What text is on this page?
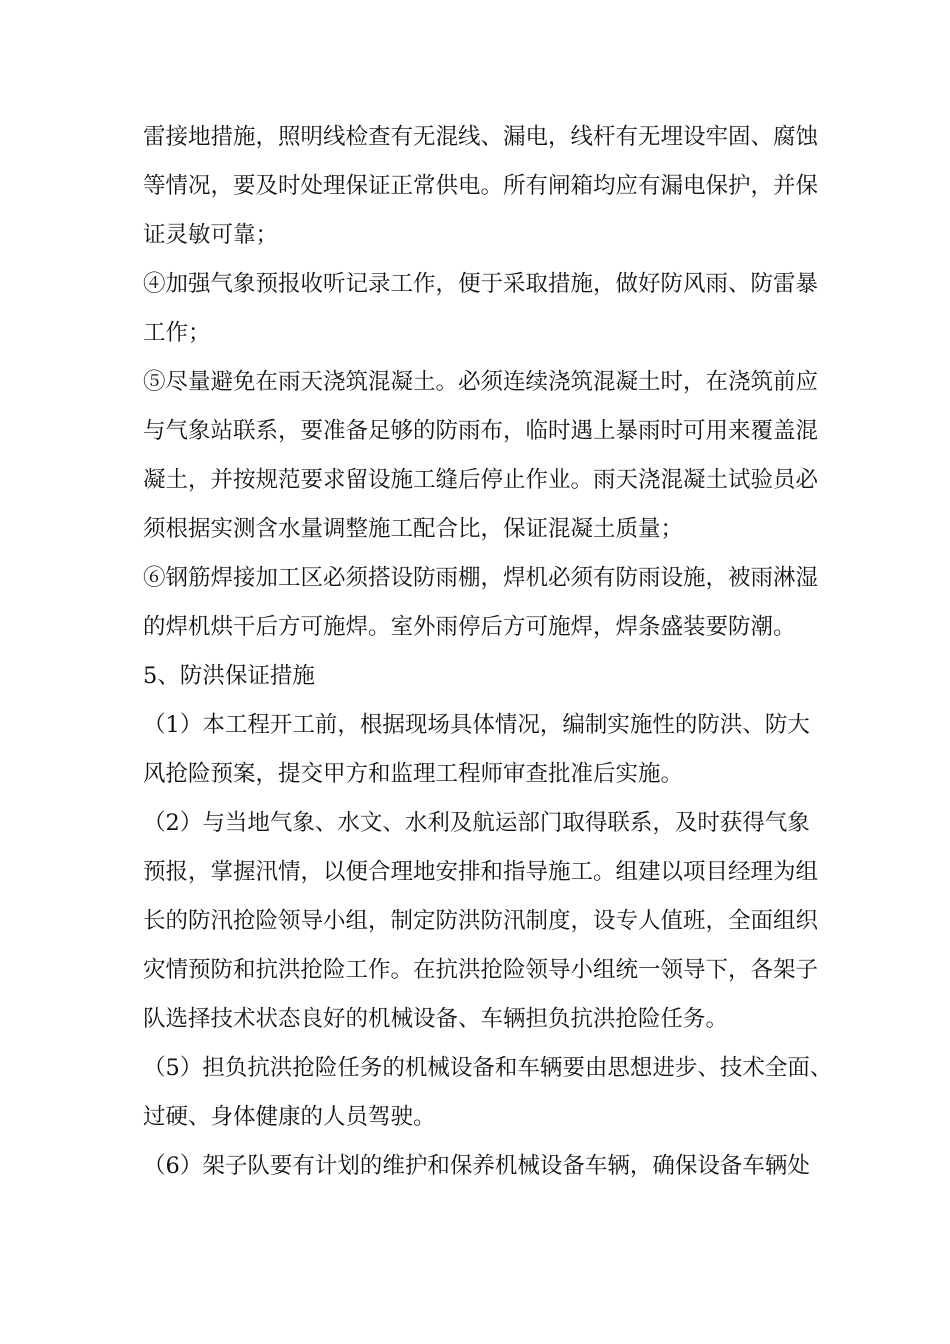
雷接地措施，照明线检查有无混线、漏电，线杆有无埋设牢固、腐蚀
等情况，要及时处理保证正常供电。所有闸箱均应有漏电保护，并保
证灵敏可靠；
④加强气象预报收听记录工作，便于采取措施，做好防风雨、防雷暴
工作；
⑤尽量避免在雨天浇筑混凝土。必须连续浇筑混凝土时，在浇筑前应
与气象站联系，要准备足够的防雨布，临时遇上暴雨时可用来覆盖混
凝土，并按规范要求留设施工缝后停止作业。雨天浇混凝土试验员必
须根据实测含水量调整施工配合比，保证混凝土质量；
⑥钢筋焊接加工区必须搭设防雨棚，焊机必须有防雨设施，被雨淋湿
的焊机烘干后方可施焊。室外雨停后方可施焊，焊条盛装要防潮。
5、防洪保证措施
（1）本工程开工前，根据现场具体情况，编制实施性的防洪、防大
风抢险预案，提交甲方和监理工程师审查批准后实施。
（2）与当地气象、水文、水利及航运部门取得联系，及时获得气象
预报，掌握汛情，以便合理地安排和指导施工。组建以项目经理为组
长的防汛抢险领导小组，制定防洪防汛制度，设专人值班，全面组织
灾情预防和抗洪抢险工作。在抗洪抢险领导小组统一领导下，各架子
队选择技术状态良好的机械设备、车辆担负抗洪抢险任务。
（5）担负抗洪抢险任务的机械设备和车辆要由思想进步、技术全面、
过硬、身体健康的人员驾驶。
（6）架子队要有计划的维护和保养机械设备车辆，确保设备车辆处
